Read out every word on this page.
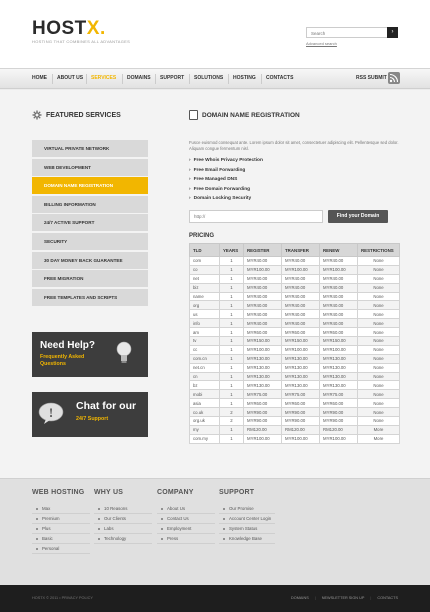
HOSTX.
HOSTING THAT COMBINES ALL ADVANTAGES
Search
›
Advanced search
HOME ABOUT US SERVICES DOMAINS SUPPORT SOLUTIONS HOSTING CONTACTS	RSS SUBMIT
FEATURED SERVICES
VIRTUAL PRIVATE NETWORK
WEB DEVELOPMENT
DOMAIN NAME REGISTRATION
BILLING INFORMATION
24/7 ACTIVE SUPPORT
SECURITY
30 DAY MONEY BACK GUARANTEE
FREE MIGRATION
FREE TEMPLATES AND SCRIPTS
Need Help?
Frequently Asked
Questions
! Chat for our
24/7 Support
DOMAIN NAME REGISTRATION
Fusce euismod consequat ante. Lorem ipsum dolor sit amet, consectetuer adipiscing elit. Pellentesque sed dolor. Aliquam congue fermentum nisl.
› Free Whois Privacy Protection
› Free Email Forwarding
› Free Managed DNS
› Free Domain Forwarding
› Domain Locking Security
http://
Find your Domain
PRICING
TLD	YEARS	REGISTER	TRANSFER	RENEW	RESTRICTIONS
com	1	MYR40.00	MYR40.00	MYR40.00	None
co	1	MYR100.00	MYR100.00	MYR100.00	None
net	1	MYR40.00	MYR40.00	MYR40.00	None
biz	1	MYR40.00	MYR40.00	MYR40.00	None
name	1	MYR40.00	MYR40.00	MYR40.00	None
org	1	MYR40.00	MYR40.00	MYR40.00	None
us	1	MYR40.00	MYR40.00	MYR40.00	None
info	1	MYR40.00	MYR40.00	MYR40.00	None
am	1	MYR60.00	MYR60.00	MYR60.00	None
tv	1	MYR150.00	MYR150.00	MYR150.00	None
cc	1	MYR100.00	MYR100.00	MYR100.00	None
com.cn	1	MYR130.00	MYR130.00	MYR130.00	None
net.cn	1	MYR130.00	MYR130.00	MYR130.00	None
cn	1	MYR130.00	MYR130.00	MYR130.00	None
bz	1	MYR130.00	MYR130.00	MYR130.00	None
mobi	1	MYR75.00	MYR75.00	MYR75.00	None
asia	1	MYR60.00	MYR60.00	MYR60.00	None
co.uk	2	MYR90.00	MYR90.00	MYR90.00	None
org.uk	2	MYR90.00	MYR90.00	MYR90.00	None
my	1	RM120.00	RM120.00	RM120.00	More
com.my	1	MYR100.00	MYR100.00	MYR100.00	More
WEB HOSTING
Max
Premium
Plus
Basic
Personal
WHY US
10 Reasons
Our Clients
Labs
Technology
COMPANY
About Us
Contact Us
Employment
Press
SUPPORT
Our Promise
Account Center Login
System Status
Knowledge Base
HOSTX © 2011 • PRIVACY POLICY	DOMAINS | NEWSLETTER SIGN UP | CONTACTS
